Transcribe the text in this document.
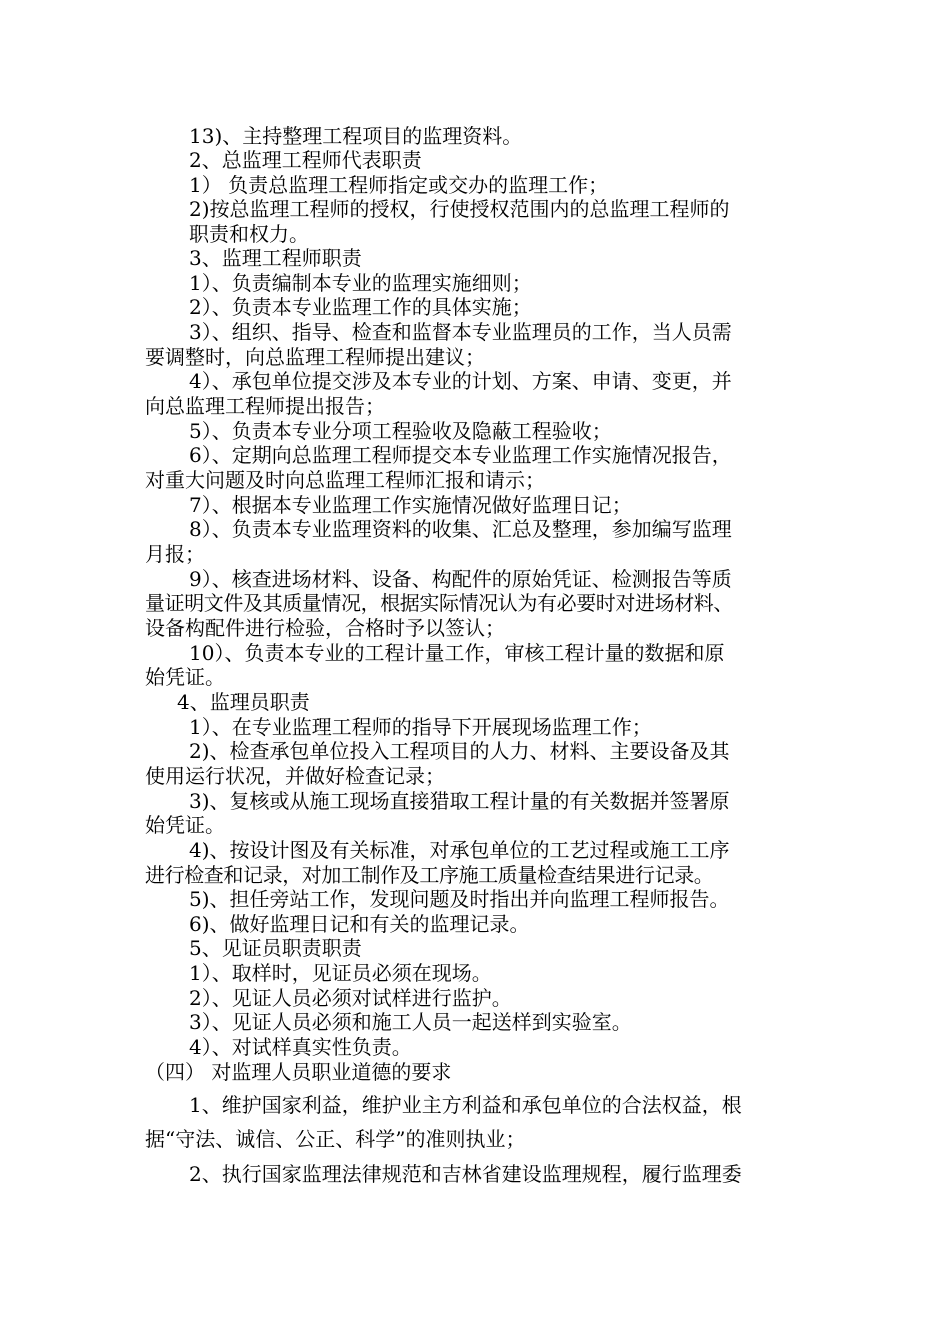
13)、主持整理工程项目的监理资料。
2、总监理工程师代表职责
1） 负责总监理工程师指定或交办的监理工作；
2)按总监理工程师的授权，行使授权范围内的总监理工程师的
职责和权力。
3、监理工程师职责
1）、负责编制本专业的监理实施细则；
2）、负责本专业监理工作的具体实施；
3）、组织、指导、检查和监督本专业监理员的工作，当人员需
要调整时，向总监理工程师提出建议；
4）、承包单位提交涉及本专业的计划、方案、申请、变更，并
向总监理工程师提出报告；
5）、负责本专业分项工程验收及隐蔽工程验收；
6）、定期向总监理工程师提交本专业监理工作实施情况报告，
对重大问题及时向总监理工程师汇报和请示；
7）、根据本专业监理工作实施情况做好监理日记；
8）、负责本专业监理资料的收集、汇总及整理，参加编写监理
月报；
9）、核查进场材料、设备、构配件的原始凭证、检测报告等质
量证明文件及其质量情况，根据实际情况认为有必要时对进场材料、
设备构配件进行检验，合格时予以签认；
10）、负责本专业的工程计量工作，审核工程计量的数据和原
始凭证。
4、监理员职责
1）、在专业监理工程师的指导下开展现场监理工作；
2)、检查承包单位投入工程项目的人力、材料、主要设备及其
使用运行状况，并做好检查记录；
3)、复核或从施工现场直接猎取工程计量的有关数据并签署原
始凭证。
4)、按设计图及有关标准，对承包单位的工艺过程或施工工序
进行检查和记录，对加工制作及工序施工质量检查结果进行记录。
5)、担任旁站工作，发现问题及时指出并向监理工程师报告。
6)、做好监理日记和有关的监理记录。
5、见证员职责职责
1）、取样时，见证员必须在现场。
2）、见证人员必须对试样进行监护。
3）、见证人员必须和施工人员一起送样到实验室。
4）、对试样真实性负责。
（四） 对监理人员职业道德的要求
1、维护国家利益，维护业主方利益和承包单位的合法权益，根
据“守法、诚信、公正、科学”的准则执业；
2、执行国家监理法律规范和吉林省建设监理规程，履行监理委
